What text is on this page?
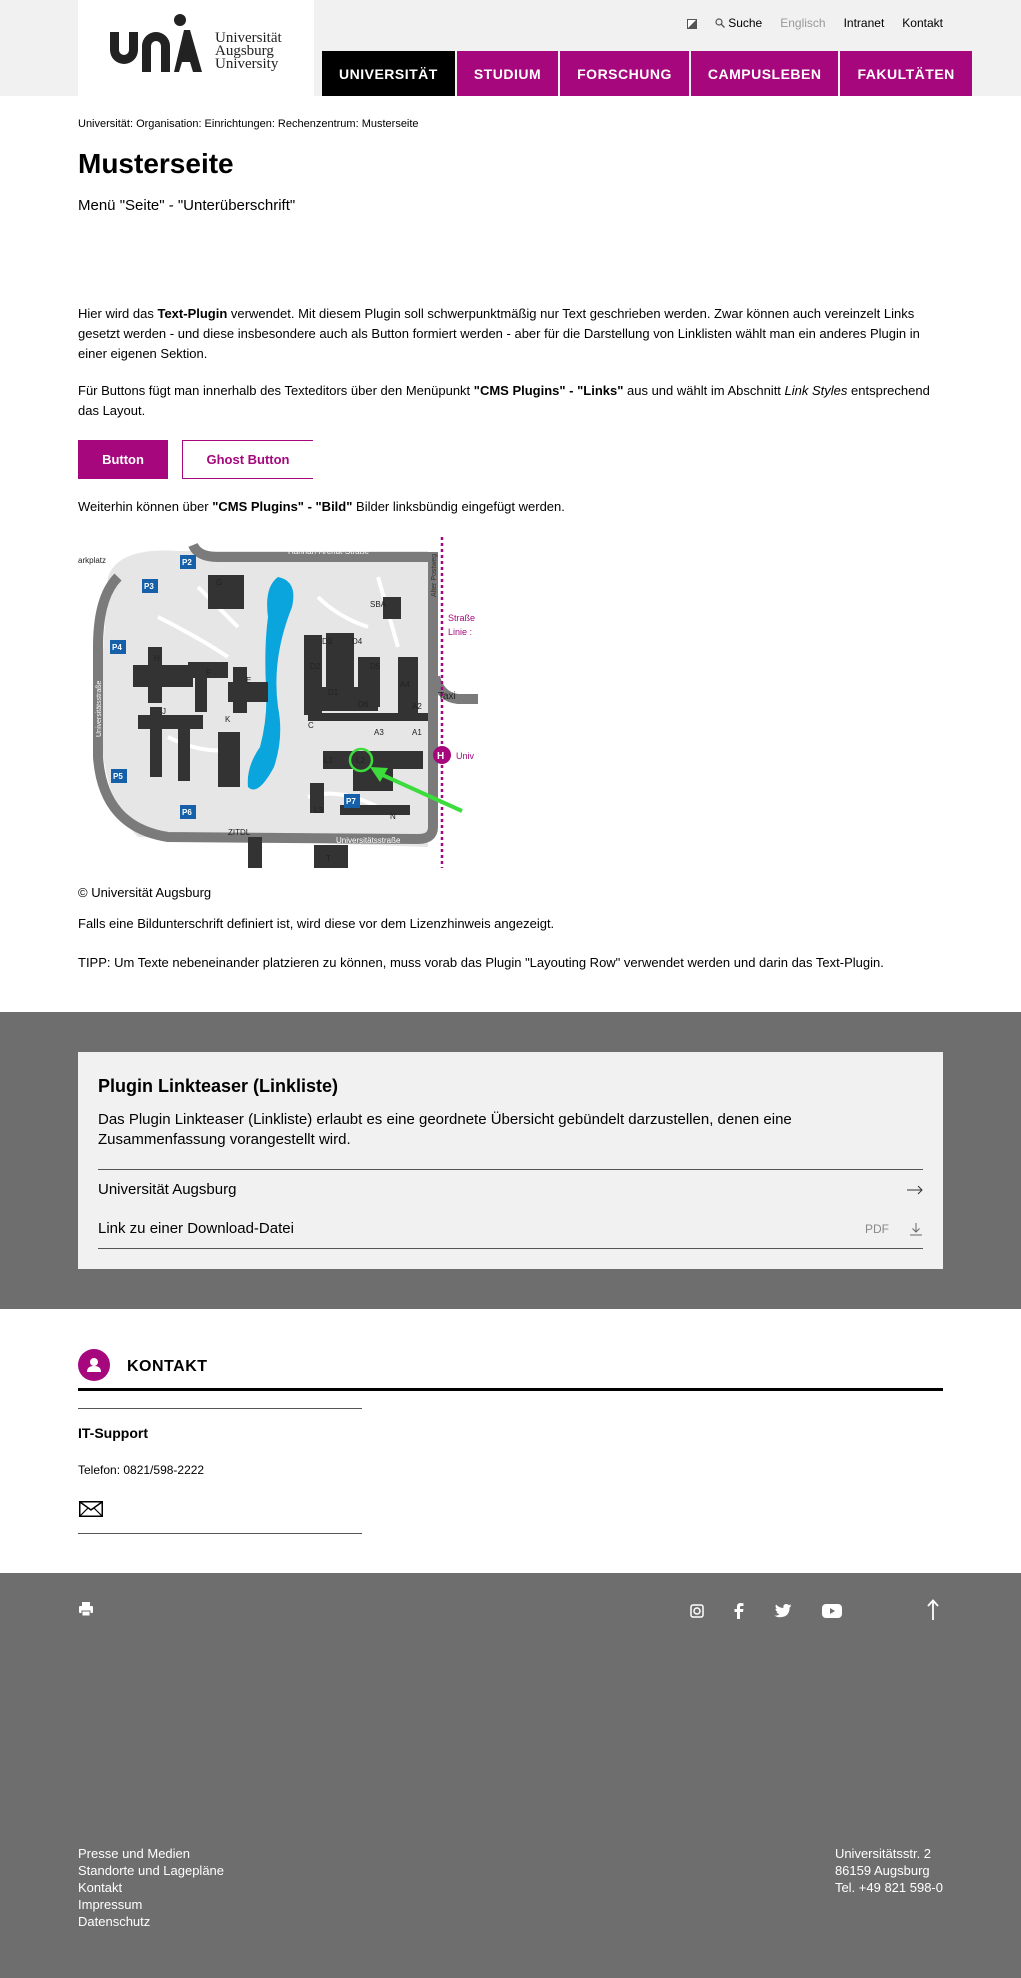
Universität
Augsburg
University
Suche Englisch Intranet Kontakt
UNIVERSITÄT	STUDIUM	FORSCHUNG	CAMPUSLEBEN	FAKULTÄTEN
Universität: Organisation: Einrichtungen: Rechenzentrum: Musterseite
Musterseite
Menü "Seite" - "Unterüberschrift"

Hier wird das Text-Plugin verwendet. Mit diesem Plugin soll schwerpunktmäßig nur Text geschrieben werden. Zwar können auch vereinzelt Links gesetzt werden - und diese insbesondere auch als Button formiert werden - aber für die Darstellung von Linklisten wählt man ein anderes Plugin in einer eigenen Sektion.

Für Buttons fügt man innerhalb des Texteditors über den Menüpunkt "CMS Plugins" - "Links" aus und wählt im Abschnitt Link Styles entsprechend das Layout.

Button	Ghost Button

Weiterhin können über "CMS Plugins" - "Bild" Bilder linksbündig eingefügt werden.

P2
P3
P4
P5
P6
P7
G
H
F
E
J
K
C
D3 D4
D2	D5
D1
D6
A4
A2
A3	A1
L1	L2
L3
N
T
SBA
ZITDL
arkplatz
Hannah-Arendt-Straße
Universitätsstraße
Taxi
Straße
Linie :
Univ
Universitätsstraße
Alter Postweg
H
© Universität Augsburg

Falls eine Bildunterschrift definiert ist, wird diese vor dem Lizenzhinweis angezeigt.

TIPP: Um Texte nebeneinander platzieren zu können, muss vorab das Plugin "Layouting Row" verwendet werden und darin das Text-Plugin.

Plugin Linkteaser (Linkliste)
Das Plugin Linkteaser (Linkliste) erlaubt es eine geordnete Übersicht gebündelt darzustellen, denen eine Zusammenfassung vorangestellt wird.
Universität Augsburg
Link zu einer Download-Datei	PDF
KONTAKT
IT-Support
Telefon: 0821/598-2222
Presse und Medien
Standorte und Lagepläne
Kontakt
Impressum
Datenschutz
Universitätsstr. 2
86159 Augsburg
Tel. +49 821 598-0
